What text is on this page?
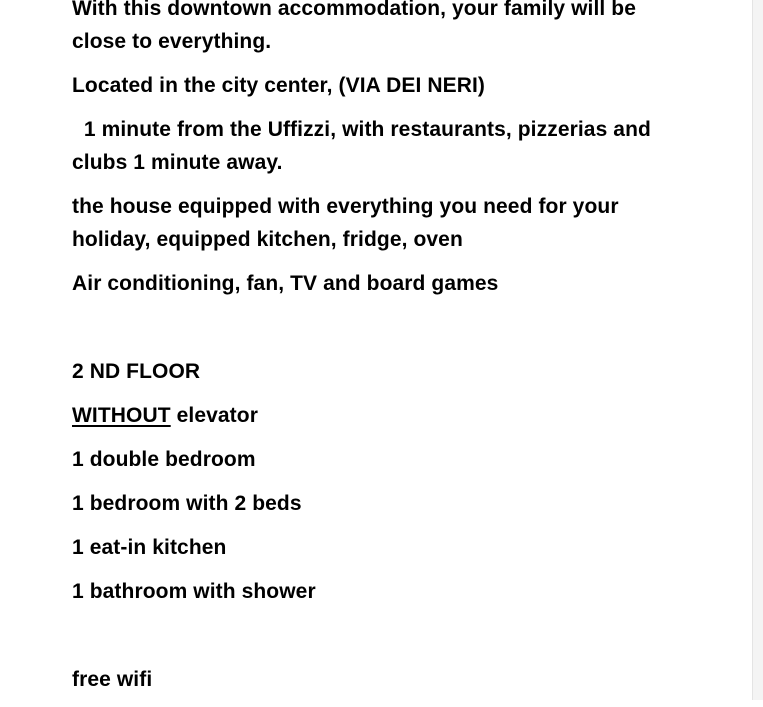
With this downtown accommodation, your family will be close to everything.

Located in the city center, (VIA DEI NERI)

1 minute from the Uffizzi, with restaurants, pizzerias and clubs 1 minute away.

the house equipped with everything you need for your holiday, equipped kitchen, fridge, oven

Air conditioning, fan, TV and board games

2 ND FLOOR

WITHOUT elevator

1 double bedroom

1 bedroom with 2 beds

1 eat-in kitchen

1 bathroom with shower

free wifi
